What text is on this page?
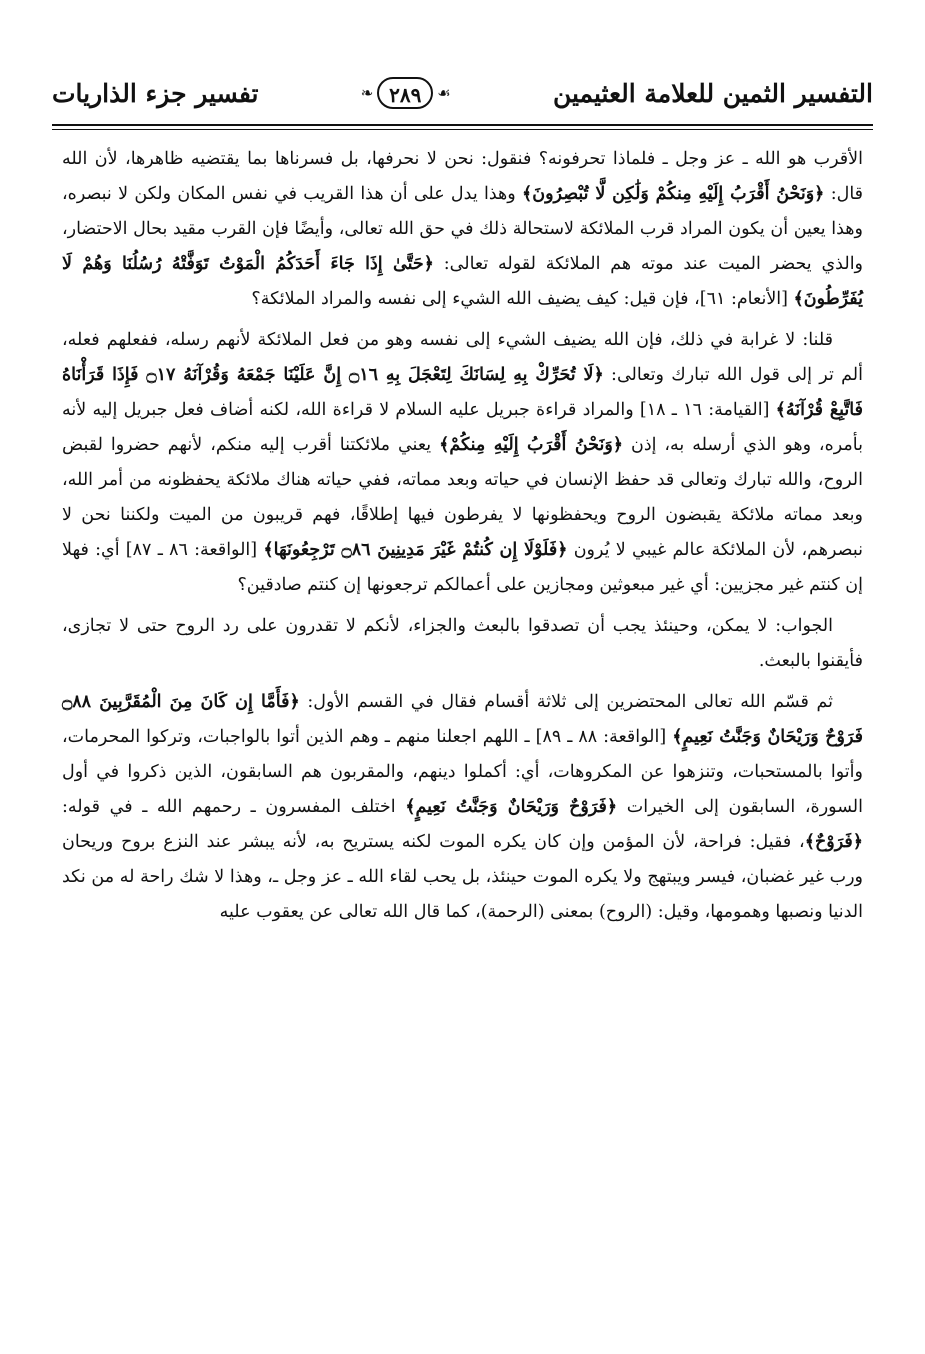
التفسير الثمين للعلامة العثيمين
❧ ٢٨٩	☙
تفسير جزء الذاريات

الأقرب هو الله ـ عز وجل ـ فلماذا تحرفونه؟ فنقول: نحن لا نحرفها، بل فسرناها بما يقتضيه ظاهرها، لأن الله قال: ﴿وَنَحْنُ أَقْرَبُ إِلَيْهِ مِنكُمْ وَلَٰكِن لَّا تُبْصِرُونَ﴾ وهذا يدل على أن هذا القريب في نفس المكان ولكن لا نبصره، وهذا يعين أن يكون المراد قرب الملائكة لاستحالة ذلك في حق الله تعالى، وأيضًا فإن القرب مقيد بحال الاحتضار، والذي يحضر الميت عند موته هم الملائكة لقوله تعالى: ﴿حَتَّىٰ إِذَا جَاءَ أَحَدَكُمُ الْمَوْتُ تَوَفَّتْهُ رُسُلُنَا وَهُمْ لَا يُفَرِّطُونَ﴾ [الأنعام: ٦١]، فإن قيل: كيف يضيف الله الشيء إلى نفسه والمراد الملائكة؟

قلنا: لا غرابة في ذلك، فإن الله يضيف الشيء إلى نفسه وهو من فعل الملائكة لأنهم رسله، ففعلهم فعله، ألم تر إلى قول الله تبارك وتعالى: ﴿لَا تُحَرِّكْ بِهِ لِسَانَكَ لِتَعْجَلَ بِهِ ۝١٦ إِنَّ عَلَيْنَا جَمْعَهُ وَقُرْآنَهُ ۝١٧ فَإِذَا قَرَأْنَاهُ فَاتَّبِعْ قُرْآنَهُ﴾ [القيامة: ١٦ ـ ١٨] والمراد قراءة جبريل عليه السلام لا قراءة الله، لكنه أضاف فعل جبريل إليه لأنه بأمره، وهو الذي أرسله به، إذن ﴿وَنَحْنُ أَقْرَبُ إِلَيْهِ مِنكُمْ﴾ يعني ملائكتنا أقرب إليه منكم، لأنهم حضروا لقبض الروح، والله تبارك وتعالى قد حفظ الإنسان في حياته وبعد مماته، ففي حياته هناك ملائكة يحفظونه من أمر الله، وبعد مماته ملائكة يقبضون الروح ويحفظونها لا يفرطون فيها إطلاقًا، فهم قريبون من الميت ولكننا نحن لا نبصرهم، لأن الملائكة عالم غيبي لا يُرون ﴿فَلَوْلَا إِن كُنتُمْ غَيْرَ مَدِينِينَ ۝٨٦ تَرْجِعُونَهَا﴾ [الواقعة: ٨٦ ـ ٨٧] أي: فهلا إن كنتم غير مجزيين: أي غير مبعوثين ومجازين على أعمالكم ترجعونها إن كنتم صادقين؟

الجواب: لا يمكن، وحينئذ يجب أن تصدقوا بالبعث والجزاء، لأنكم لا تقدرون على رد الروح حتى لا تجازى، فأيقنوا بالبعث.

ثم قسّم الله تعالى المحتضرين إلى ثلاثة أقسام فقال في القسم الأول: ﴿فَأَمَّا إِن كَانَ مِنَ الْمُقَرَّبِينَ ۝٨٨ فَرَوْحٌ وَرَيْحَانٌ وَجَنَّتُ نَعِيمٍ﴾ [الواقعة: ٨٨ ـ ٨٩] ـ اللهم اجعلنا منهم ـ وهم الذين أتوا بالواجبات، وتركوا المحرمات، وأتوا بالمستحبات، وتنزهوا عن المكروهات، أي: أكملوا دينهم، والمقربون هم السابقون، الذين ذكروا في أول السورة، السابقون إلى الخيرات ﴿فَرَوْحٌ وَرَيْحَانٌ وَجَنَّتُ نَعِيمٍ﴾ اختلف المفسرون ـ رحمهم الله ـ في قوله: ﴿فَرَوْحٌ﴾، فقيل: فراحة، لأن المؤمن وإن كان يكره الموت لكنه يستريح به، لأنه يبشر عند النزع بروح وريحان ورب غير غضبان، فيسر ويبتهج ولا يكره الموت حينئذ، بل يحب لقاء الله ـ عز وجل ـ، وهذا لا شك راحة له من نكد الدنيا ونصبها وهمومها، وقيل: (الروح) بمعنى (الرحمة)، كما قال الله تعالى عن يعقوب عليه
